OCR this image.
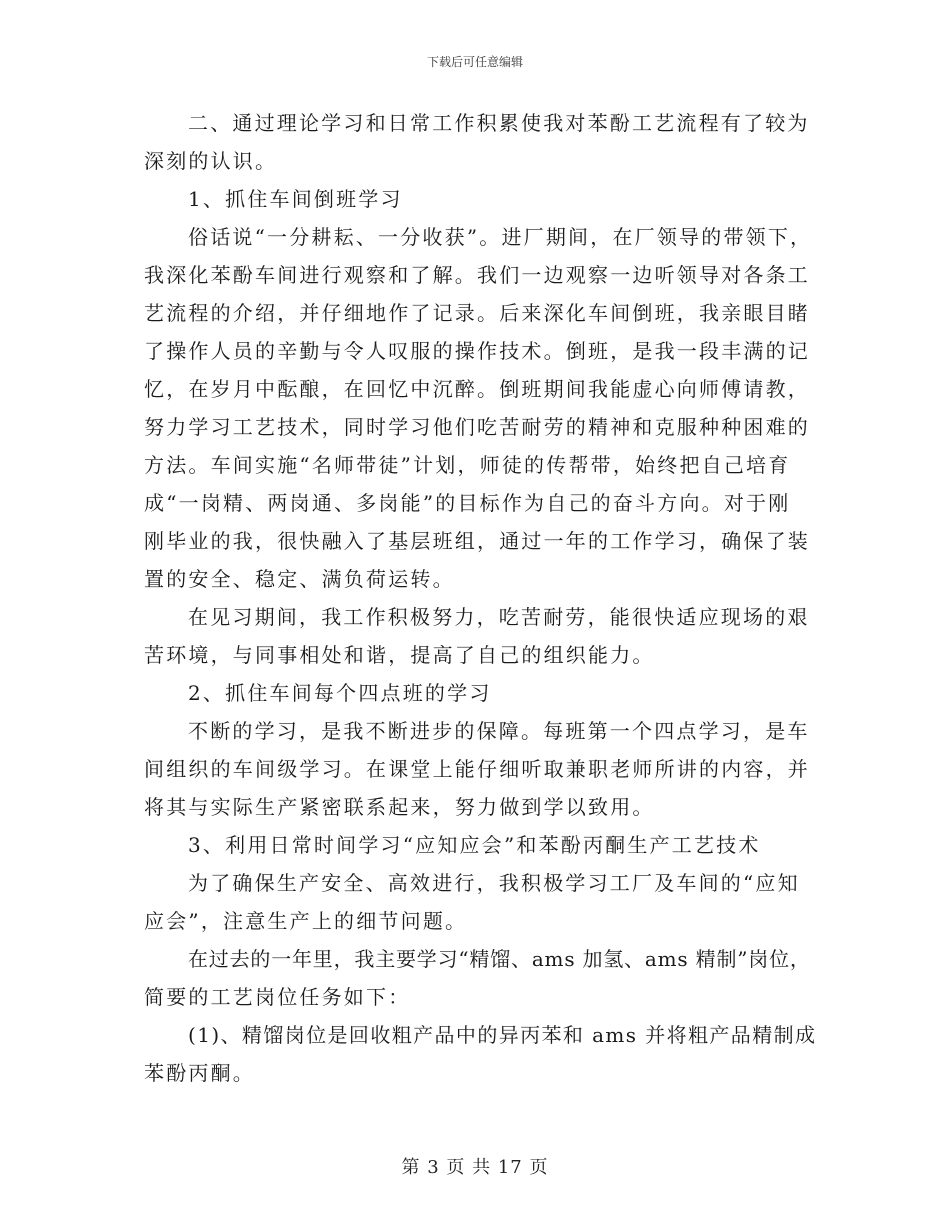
下载后可任意编辑
二、通过理论学习和日常工作积累使我对苯酚工艺流程有了较为
深刻的认识。
1、抓住车间倒班学习
俗话说“一分耕耘、一分收获”。进厂期间，在厂领导的带领下，
我深化苯酚车间进行观察和了解。我们一边观察一边听领导对各条工
艺流程的介绍，并仔细地作了记录。后来深化车间倒班，我亲眼目睹
了操作人员的辛勤与令人叹服的操作技术。倒班，是我一段丰满的记
忆，在岁月中酝酿，在回忆中沉醉。倒班期间我能虚心向师傅请教，
努力学习工艺技术，同时学习他们吃苦耐劳的精神和克服种种困难的
方法。车间实施“名师带徒”计划，师徒的传帮带，始终把自己培育
成“一岗精、两岗通、多岗能”的目标作为自己的奋斗方向。对于刚
刚毕业的我，很快融入了基层班组，通过一年的工作学习，确保了装
置的安全、稳定、满负荷运转。
在见习期间，我工作积极努力，吃苦耐劳，能很快适应现场的艰
苦环境，与同事相处和谐，提高了自己的组织能力。
2、抓住车间每个四点班的学习
不断的学习，是我不断进步的保障。每班第一个四点学习，是车
间组织的车间级学习。在课堂上能仔细听取兼职老师所讲的内容，并
将其与实际生产紧密联系起来，努力做到学以致用。
3、利用日常时间学习“应知应会”和苯酚丙酮生产工艺技术
为了确保生产安全、高效进行，我积极学习工厂及车间的“应知
应会”，注意生产上的细节问题。
在过去的一年里，我主要学习“精馏、ams 加氢、ams 精制”岗位，
简要的工艺岗位任务如下：
(1)、精馏岗位是回收粗产品中的异丙苯和 ams 并将粗产品精制成
苯酚丙酮。
第 3 页 共 17 页
